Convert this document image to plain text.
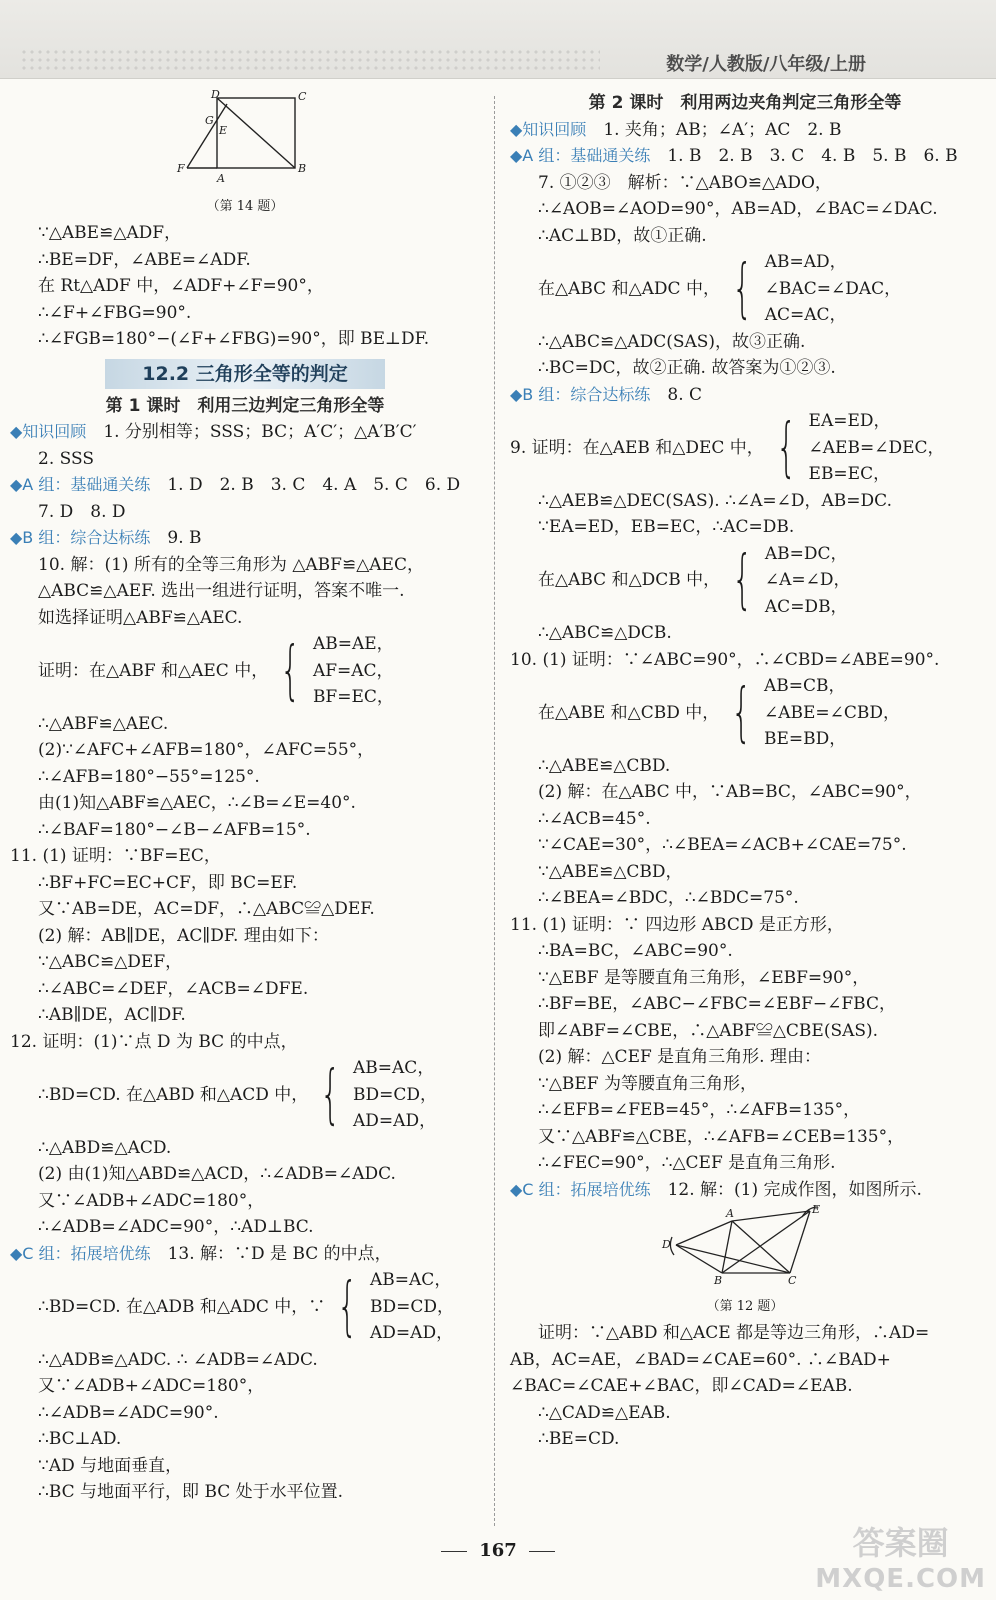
数学/人教版/八年级/上册
D	C
G
E
F
A
B
（第 14 题）
∵△ABE≌△ADF，
∴BE=DF，∠ABE=∠ADF.
在 Rt△ADF 中，∠ADF+∠F=90°，
∴∠F+∠FBG=90°.
∴∠FGB=180°−(∠F+∠FBG)=90°，即 BE⊥DF.
12.2 三角形全等的判定
第 1 课时　利用三边判定三角形全等
◆知识回顾　 1. 分别相等；SSS；BC；A′C′；△A′B′C′
2. SSS
◆A 组：基础通关练　 1. D　2. B　3. C　4. A　5. C　6. D
7. D　8. D
◆B 组：综合达标练　 9. B
10. 解：(1) 所有的全等三角形为 △ABF≌△AEC，
△ABC≌△AEF. 选出一组进行证明，答案不唯一.
如选择证明△ABF≌△AEC.
证明：在△ABF 和△AEC 中， { AB=AE，
AF=AC，
BF=EC，
∴△ABF≌△AEC.
(2)∵∠AFC+∠AFB=180°，∠AFC=55°，
∴∠AFB=180°−55°=125°.
由(1)知△ABF≌△AEC，∴∠B=∠E=40°.
∴∠BAF=180°−∠B−∠AFB=15°.
11. (1) 证明：∵BF=EC，
∴BF+FC=EC+CF，即 BC=EF.
又∵AB=DE，AC=DF，∴△ABC≌△DEF.
(2) 解：AB∥DE，AC∥DF. 理由如下：
∵△ABC≌△DEF，
∴∠ABC=∠DEF，∠ACB=∠DFE.
∴AB∥DE，AC∥DF.
12. 证明：(1)∵点 D 为 BC 的中点，
∴BD=CD. 在△ABD 和△ACD 中， { AB=AC，
BD=CD，
AD=AD，
∴△ABD≌△ACD.
(2) 由(1)知△ABD≌△ACD，∴∠ADB=∠ADC.
又∵∠ADB+∠ADC=180°，
∴∠ADB=∠ADC=90°，∴AD⊥BC.
◆C 组：拓展培优练　 13. 解：∵D 是 BC 的中点，
∴BD=CD. 在△ADB 和△ADC 中，∵ { AB=AC，
BD=CD，
AD=AD，
∴△ADB≌△ADC. ∴ ∠ADB=∠ADC.
又∵∠ADB+∠ADC=180°，
∴∠ADB=∠ADC=90°.
∴BC⊥AD.
∵AD 与地面垂直，
∴BC 与地面平行，即 BC 处于水平位置.
第 2 课时　利用两边夹角判定三角形全等
◆知识回顾　 1. 夹角；AB；∠A′；AC　2. B
◆A 组：基础通关练　 1. B　2. B　3. C　4. B　5. B　6. B
7. ①②③　解析：∵△ABO≌△ADO，
∴∠AOB=∠AOD=90°，AB=AD，∠BAC=∠DAC.
∴AC⊥BD，故①正确.
在△ABC 和△ADC 中， { AB=AD，
∠BAC=∠DAC，
AC=AC，
∴△ABC≌△ADC(SAS)，故③正确.
∴BC=DC，故②正确. 故答案为①②③.
◆B 组：综合达标练　 8. C
9. 证明：在△AEB 和△DEC 中， { EA=ED，
∠AEB=∠DEC，
EB=EC，
∴△AEB≌△DEC(SAS). ∴∠A=∠D，AB=DC.
∵EA=ED，EB=EC，∴AC=DB.
在△ABC 和△DCB 中， { AB=DC，
∠A=∠D，
AC=DB，
∴△ABC≌△DCB.
10. (1) 证明：∵∠ABC=90°，∴∠CBD=∠ABE=90°.
在△ABE 和△CBD 中， { AB=CB，
∠ABE=∠CBD，
BE=BD，
∴△ABE≌△CBD.
(2) 解：在△ABC 中，∵AB=BC，∠ABC=90°，
∴∠ACB=45°.
∵∠CAE=30°，∴∠BEA=∠ACB+∠CAE=75°.
∵△ABE≌△CBD，
∴∠BEA=∠BDC，∴∠BDC=75°.
11. (1) 证明：∵ 四边形 ABCD 是正方形，
∴BA=BC，∠ABC=90°.
∵△EBF 是等腰直角三角形，∠EBF=90°，
∴BF=BE，∠ABC−∠FBC=∠EBF−∠FBC，
即∠ABF=∠CBE，∴△ABF≌△CBE(SAS).
(2) 解：△CEF 是直角三角形. 理由：
∵△BEF 为等腰直角三角形，
∴∠EFB=∠FEB=45°，∴∠AFB=135°，
又∵△ABF≌△CBE，∴∠AFB=∠CEB=135°，
∴∠FEC=90°，∴△CEF 是直角三角形.
◆C 组：拓展培优练　 12. 解：(1) 完成作图，如图所示.
E
A
D
B	C
（第 12 题）
证明：∵△ABD 和△ACE 都是等边三角形，∴AD=
AB，AC=AE，∠BAD=∠CAE=60°. ∴∠BAD+
∠BAC=∠CAE+∠BAC，即∠CAD=∠EAB.
∴△CAD≌△EAB.
∴BE=CD.
167	答案圈
MXQE.COM
